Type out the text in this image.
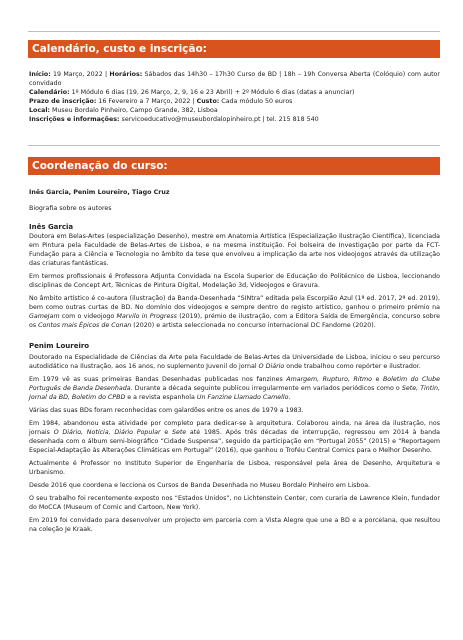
Calendário, custo e inscrição:

Início: 19 Março, 2022 | Horários: Sábados das 14h30 – 17h30 Curso de BD | 18h – 19h Conversa Aberta (Colóquio) com autor convidado

Calendário: 1º Módulo 6 dias (19, 26 Março, 2, 9, 16 e 23 Abril) + 2º Módulo 6 dias (datas a anunciar)

Prazo de inscrição: 16 Fevereiro a 7 Março, 2022 | Custo: Cada módulo 50 euros

Local: Museu Bordalo Pinheiro, Campo Grande, 382, Lisboa

Inscrições e informações: servicoeducativo@museubordalopinheiro.pt | tel. 215 818 540

Coordenação do curso:

Inês Garcia, Penim Loureiro, Tiago Cruz

Biografia sobre os autores

Inês Garcia

Doutora em Belas-Artes (especialização Desenho), mestre em Anatomia Artística (Especialização Ilustração Científica), licenciada em Pintura pela Faculdade de Belas-Artes de Lisboa, e na mesma instituição. Foi bolseira de Investigação por parte da FCT-Fundação para a Ciência e Tecnologia no âmbito da tese que envolveu a implicação da arte nos videojogos através da utilização das criaturas fantásticas.

Em termos profissionais é Professora Adjunta Convidada na Escola Superior de Educação do Politécnico de Lisboa, leccionando disciplinas de Concept Art, Técnicas de Pintura Digital, Modelação 3d, Videojogos e Gravura.

No âmbito artístico é co-autora (ilustração) da Banda-Desenhada “SINtra” editada pela Escorpião Azul (1ª ed. 2017, 2ª ed. 2019), bem como outras curtas de BD. No domínio dos videojogos e sempre dentro do registo artístico, ganhou o primeiro prémio na GameJam com o videojogo Marvilo in Progress (2019), prémio de ilustração, com a Editora Saída de Emergência, concurso sobre os Contos mais Épicos de Conan (2020) e artista seleccionada no concurso internacional DC Fandome (2020).

Penim Loureiro

Doutorado na Especialidade de Ciências da Arte pela Faculdade de Belas-Artes da Universidade de Lisboa, iniciou o seu percurso autodidático na Ilustração, aos 16 anos, no suplemento Juvenil do jornal O Diário onde trabalhou como repórter e ilustrador.

Em 1979 vê as suas primeiras Bandas Desenhadas publicadas nos fanzines Amargem, Rupturo, Ritmo e Boletim do Clube Português de Banda Desenhada. Durante a década seguinte publicou irregularmente em variados periódicos como o Sete, Tintin, Jornal da BD, Boletim do CPBD e a revista espanhola Un Fanzine Llamado Camello.

Várias das suas BDs foram reconhecidas com galardões entre os anos de 1979 a 1983.

Em 1984, abandonou esta atividade por completo para dedicar-se à arquitetura. Colaborou ainda, na área da ilustração, nos jornais O Diário, Notícia, Diário Popular e Sete até 1985. Após três décadas de interrupção, regressou em 2014 à banda desenhada com o álbum semi-biográfico “Cidade Suspensa”, seguido da participação em “Portugal 2055” (2015) e “Reportagem Especial-Adaptação às Alterações Climáticas em Portugal” (2016), que ganhou o Troféu Central Comics para o Melhor Desenho.

Actualmente é Professor no Instituto Superior de Engenharia de Lisboa, responsável pela área de Desenho, Arquitetura e Urbanismo.

Desde 2016 que coordena e lecciona os Cursos de Banda Desenhada no Museu Bordalo Pinheiro em Lisboa.

O seu trabalho foi recentemente exposto nos “Estados Unidos”, no Lichtenstein Center, com curaria de Lawrence Klein, fundador do MoCCA (Museum of Comic and Cartoon, New York).

Em 2019 foi convidado para desenvolver um projecto em parceria com a Vista Alegre que une a BD e a porcelana, que resultou na coleção Je Kraak.
